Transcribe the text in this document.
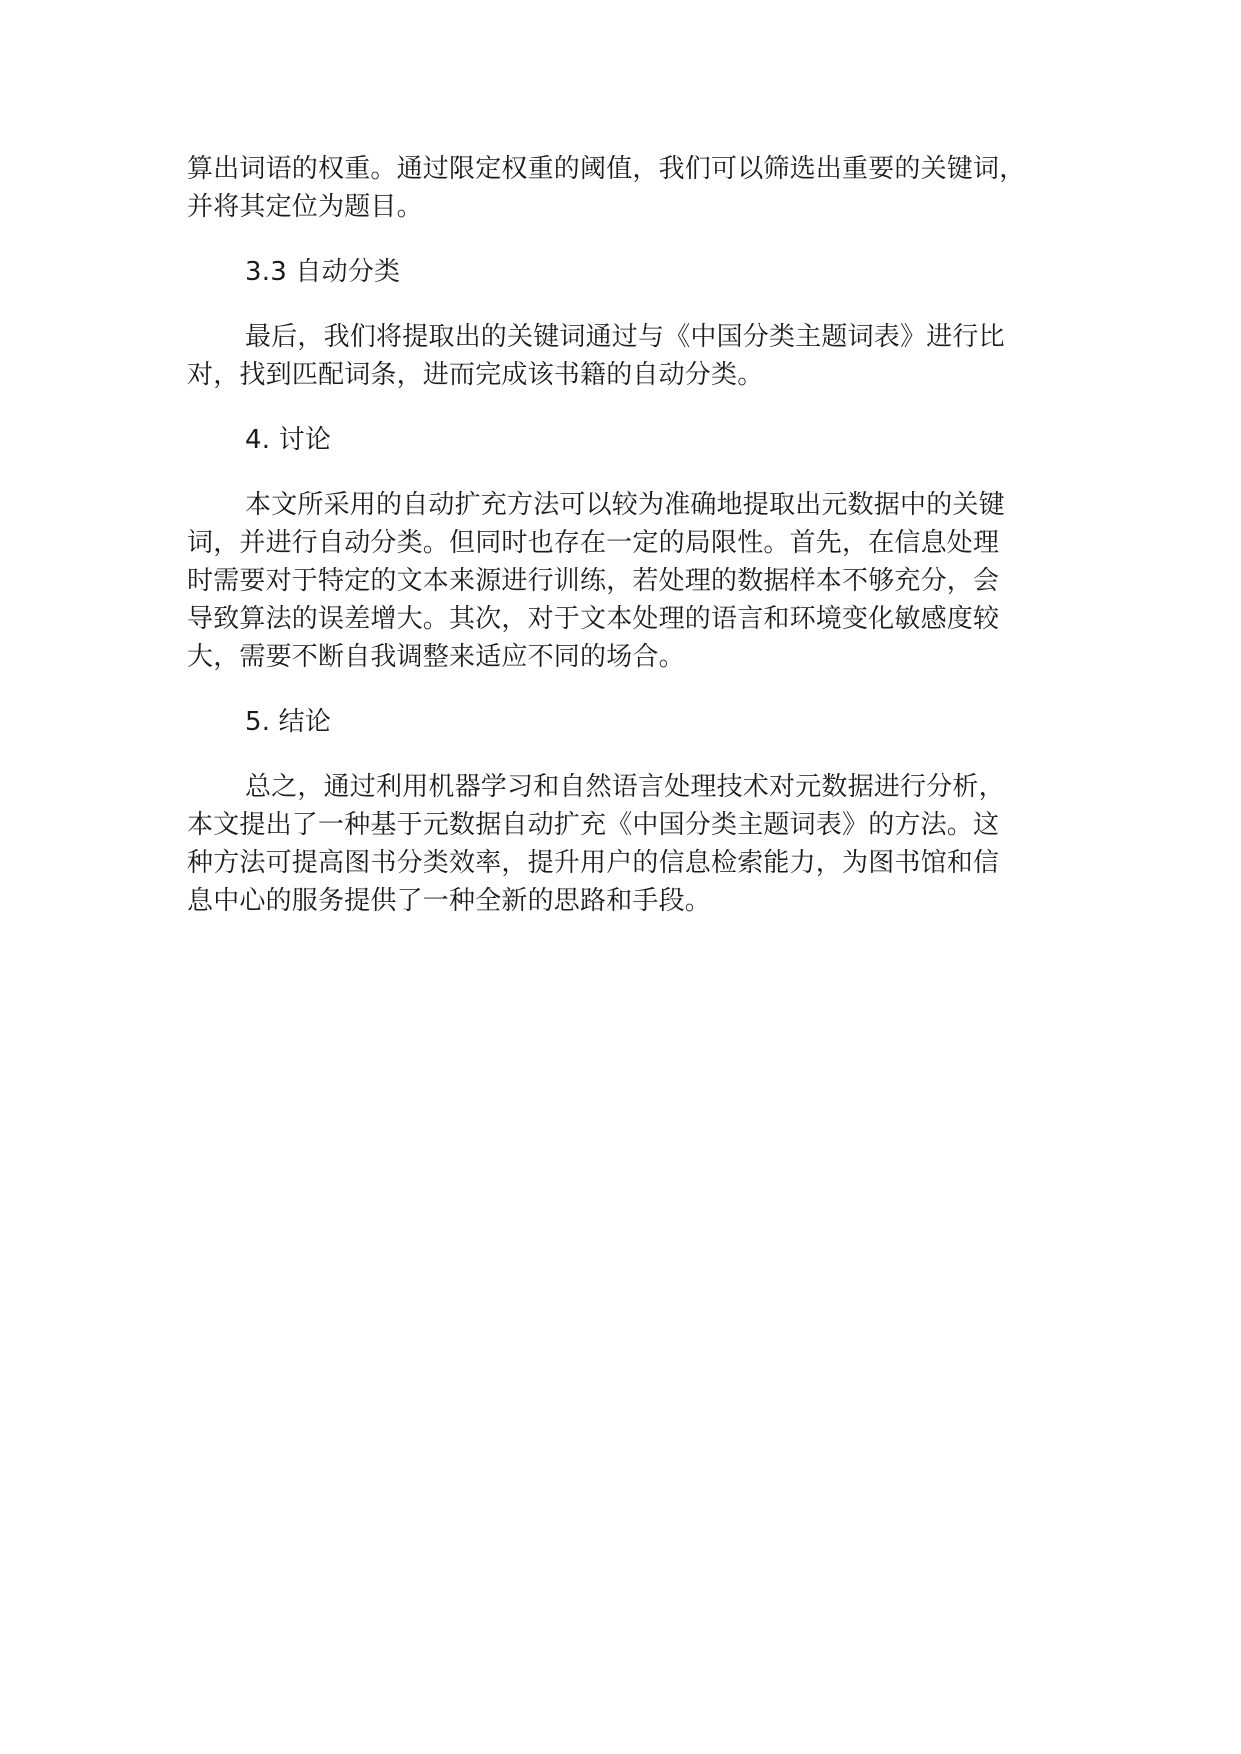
算出词语的权重。通过限定权重的阈值，我们可以筛选出重要的关键词，
并将其定位为题目。
3.3 自动分类
最后，我们将提取出的关键词通过与《中国分类主题词表》进行比
对，找到匹配词条，进而完成该书籍的自动分类。
4. 讨论
本文所采用的自动扩充方法可以较为准确地提取出元数据中的关键
词，并进行自动分类。但同时也存在一定的局限性。首先，在信息处理
时需要对于特定的文本来源进行训练，若处理的数据样本不够充分，会
导致算法的误差增大。其次，对于文本处理的语言和环境变化敏感度较
大，需要不断自我调整来适应不同的场合。
5. 结论
总之，通过利用机器学习和自然语言处理技术对元数据进行分析，
本文提出了一种基于元数据自动扩充《中国分类主题词表》的方法。这
种方法可提高图书分类效率，提升用户的信息检索能力，为图书馆和信
息中心的服务提供了一种全新的思路和手段。
